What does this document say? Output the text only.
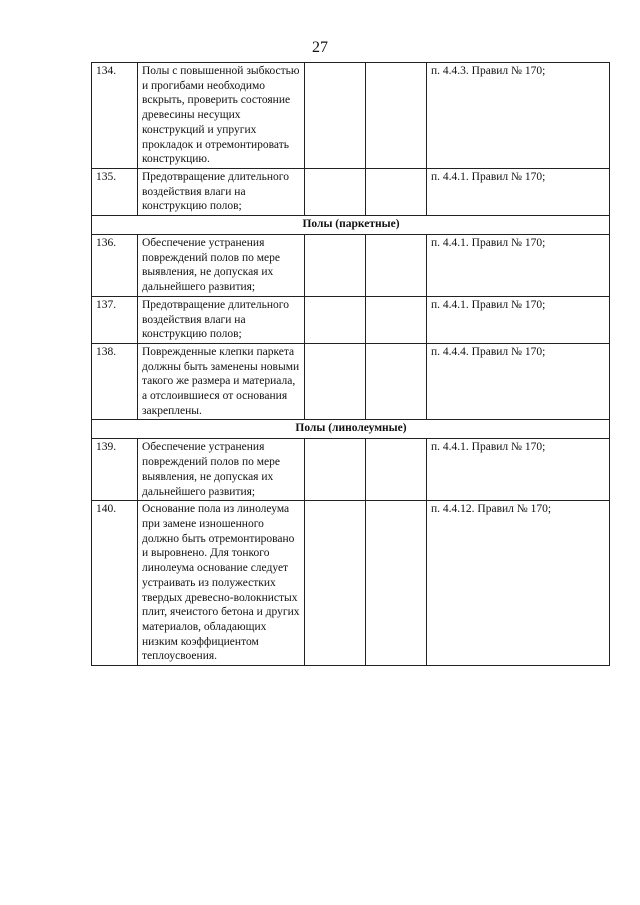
27
134.	Полы с повышенной зыбкостью и прогибами необходимо вскрыть, проверить состояние древесины несущих конструкций и упругих прокладок и отремонтировать конструкцию.			п. 4.4.3. Правил № 170;
135.	Предотвращение длительного воздействия влаги на конструкцию полов;			п. 4.4.1. Правил № 170;
Полы (паркетные)				
136.	Обеспечение устранения повреждений полов по мере выявления, не допуская их дальнейшего развития;			п. 4.4.1. Правил № 170;
137.	Предотвращение длительного воздействия влаги на конструкцию полов;			п. 4.4.1. Правил № 170;
138.	Поврежденные клепки паркета должны быть заменены новыми такого же размера и материала, а отслоившиеся от основания закреплены.			п. 4.4.4. Правил № 170;
Полы (линолеумные)				
139.	Обеспечение устранения повреждений полов по мере выявления, не допуская их дальнейшего развития;			п. 4.4.1. Правил № 170;
140.	Основание пола из линолеума при замене изношенного должно быть отремонтировано и выровнено. Для тонкого линолеума основание следует устраивать из полужестких твердых древесно-волокнистых плит, ячеистого бетона и других материалов, обладающих низким коэффициентом теплоусвоения.			п. 4.4.12. Правил № 170;
